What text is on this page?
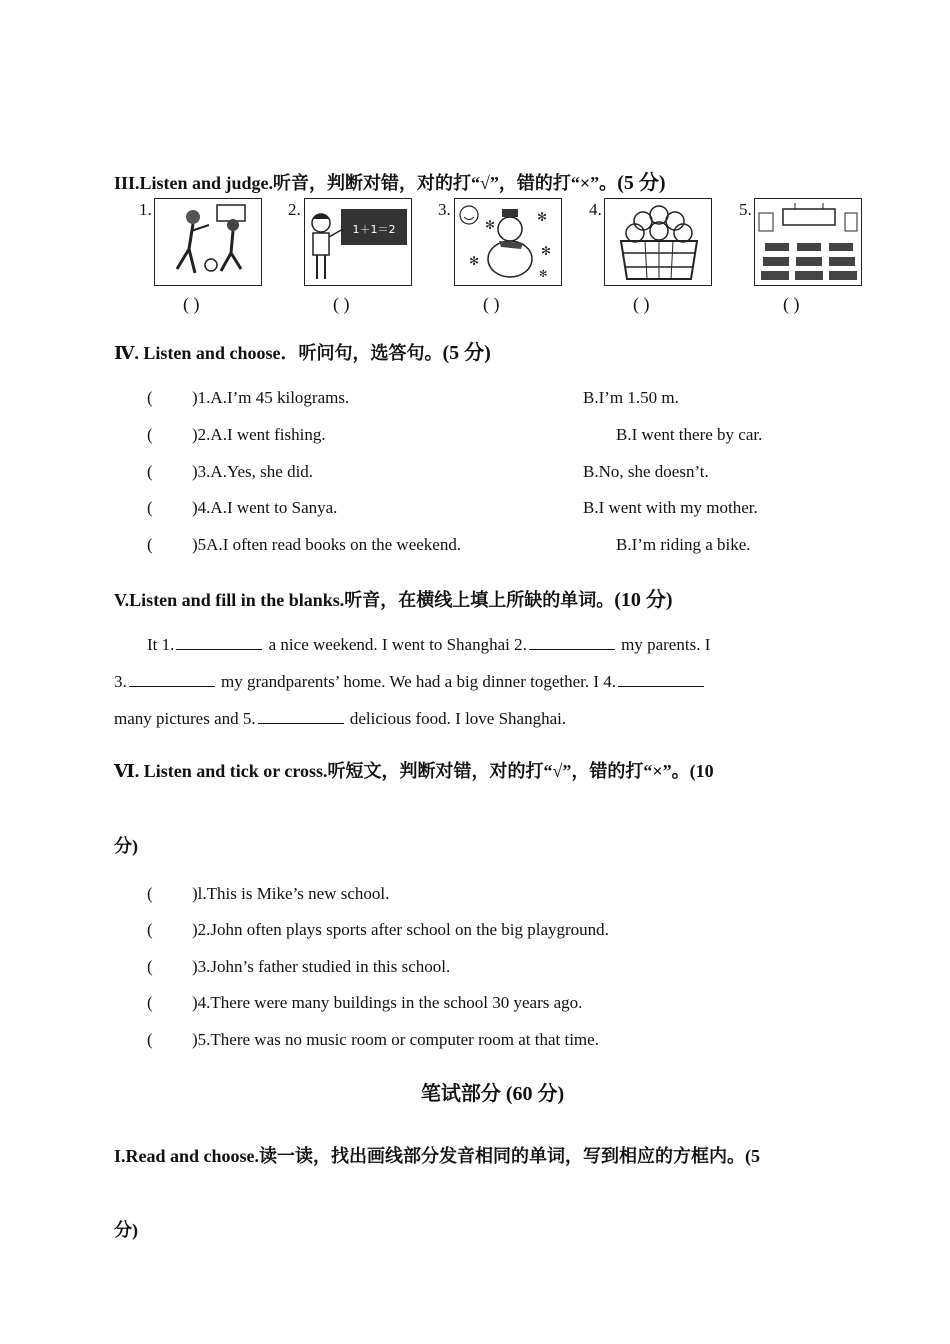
III.Listen and judge.听音，判断对错，对的打“√”，错的打“×”。(5 分)
1.
( )
2.
1＋1＝2
( )
3.
✻
✻
✻
✻
✻
( )
4.
( )
5.
( )
Ⅳ. Listen and choose．听问句，选答句。(5 分)
( )1.A.I’m 45 kilograms.	B.I’m 1.50 m.
( )2.A.I went fishing.	B.I went there by car.
( )3.A.Yes, she did.	B.No, she doesn’t.
( )4.A.I went to Sanya.	B.I went with my mother.
( )5A.I often read books on the weekend.	B.I’m riding a bike.
V.Listen and fill in the blanks.听音，在横线上填上所缺的单词。(10 分)
It 1.	a nice weekend. I went to Shanghai 2.	my parents. I
3.	my grandparents’ home. We had a big dinner together. I 4.
many pictures and 5.	delicious food. I love Shanghai.
Ⅵ. Listen and tick or cross.听短文，判断对错，对的打“√”，错的打“×”。(10
分)
( )l.This is Mike’s new school.
( )2.John often plays sports after school on the big playground.
( )3.John’s father studied in this school.
( )4.There were many buildings in the school 30 years ago.
( )5.There was no music room or computer room at that time.
笔试部分 (60 分)
I.Read and choose.读一读，找出画线部分发音相同的单词，写到相应的方框内。(5
分)
